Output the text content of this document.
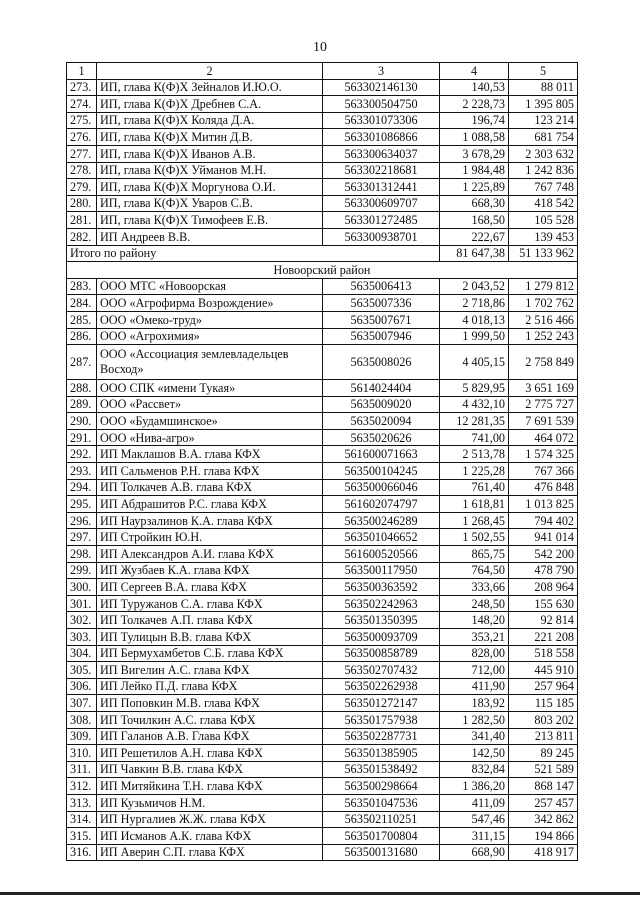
10
1	2	3	4	5
273.	ИП, глава К(Ф)Х Зейналов И.Ю.О.	563302146130	140,53	88 011
274.	ИП, глава К(Ф)Х Дребнев С.А.	563300504750	2 228,73	1 395 805
275.	ИП, глава К(Ф)Х Коляда Д.А.	563301073306	196,74	123 214
276.	ИП, глава К(Ф)Х Митин Д.В.	563301086866	1 088,58	681 754
277.	ИП, глава К(Ф)Х Иванов А.В.	563300634037	3 678,29	2 303 632
278.	ИП, глава К(Ф)Х Уйманов М.Н.	563302218681	1 984,48	1 242 836
279.	ИП, глава К(Ф)Х Моргунова О.И.	563301312441	1 225,89	767 748
280.	ИП, глава К(Ф)Х Уваров С.В.	563300609707	668,30	418 542
281.	ИП, глава К(Ф)Х Тимофеев Е.В.	563301272485	168,50	105 528
282.	ИП Андреев В.В.	563300938701	222,67	139 453
Итого по району			81 647,38	51 133 962
Новоорский район				
283.	ООО МТС «Новоорская	5635006413	2 043,52	1 279 812
284.	ООО «Агрофирма Возрождение»	5635007336	2 718,86	1 702 762
285.	ООО «Омеко-труд»	5635007671	4 018,13	2 516 466
286.	ООО «Агрохимия»	5635007946	1 999,50	1 252 243
287.	ООО «Ассоциация землевладельцев Восход»	5635008026	4 405,15	2 758 849
288.	ООО СПК «имени Тукая»	5614024404	5 829,95	3 651 169
289.	ООО «Рассвет»	5635009020	4 432,10	2 775 727
290.	ООО «Будамшинское»	5635020094	12 281,35	7 691 539
291.	ООО «Нива-агро»	5635020626	741,00	464 072
292.	ИП Маклашов В.А. глава КФХ	561600071663	2 513,78	1 574 325
293.	ИП Сальменов Р.Н. глава КФХ	563500104245	1 225,28	767 366
294.	ИП Толкачев А.В. глава КФХ	563500066046	761,40	476 848
295.	ИП Абдрашитов Р.С. глава КФХ	561602074797	1 618,81	1 013 825
296.	ИП Наурзалинов К.А. глава КФХ	563500246289	1 268,45	794 402
297.	ИП Стройкин Ю.Н.	563501046652	1 502,55	941 014
298.	ИП Александров А.И. глава КФХ	561600520566	865,75	542 200
299.	ИП Жузбаев К.А. глава КФХ	563500117950	764,50	478 790
300.	ИП Сергеев В.А. глава КФХ	563500363592	333,66	208 964
301.	ИП Туружанов С.А. глава КФХ	563502242963	248,50	155 630
302.	ИП Толкачев А.П. глава КФХ	563501350395	148,20	92 814
303.	ИП Тулицын В.В. глава КФХ	563500093709	353,21	221 208
304.	ИП Бермухамбетов С.Б. глава КФХ	563500858789	828,00	518 558
305.	ИП Вигелин А.С. глава КФХ	563502707432	712,00	445 910
306.	ИП Лейко П.Д. глава КФХ	563502262938	411,90	257 964
307.	ИП Поповкин М.В. глава КФХ	563501272147	183,92	115 185
308.	ИП Точилкин А.С. глава КФХ	563501757938	1 282,50	803 202
309.	ИП Галанов А.В. Глава КФХ	563502287731	341,40	213 811
310.	ИП Решетилов А.Н. глава КФХ	563501385905	142,50	89 245
311.	ИП Чавкин В.В. глава КФХ	563501538492	832,84	521 589
312.	ИП Митяйкина Т.Н. глава КФХ	563500298664	1 386,20	868 147
313.	ИП Кузьмичов Н.М.	563501047536	411,09	257 457
314.	ИП Нургалиев Ж.Ж. глава КФХ	563502110251	547,46	342 862
315.	ИП Исманов А.К. глава КФХ	563501700804	311,15	194 866
316.	ИП Аверин С.П. глава КФХ	563500131680	668,90	418 917
